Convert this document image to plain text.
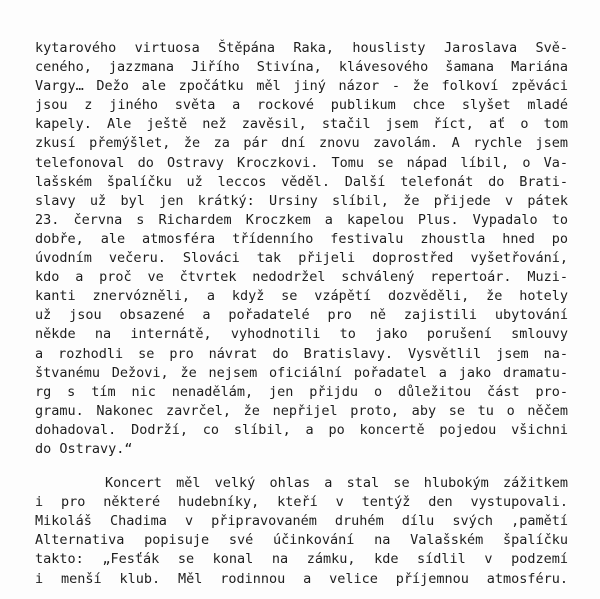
kytarového virtuosa Štěpána Raka, houslisty Jaroslava Svě-
ceného, jazzmana Jiřího Stivína, klávesového šamana Mariána
Vargy… Dežo ale zpočátku měl jiný názor - že folkoví zpěváci
jsou z jiného světa a rockové publikum chce slyšet mladé
kapely. Ale ještě než zavěsil, stačil jsem říct, ať o tom
zkusí přemýšlet, že za pár dní znovu zavolám. A rychle jsem
telefonoval do Ostravy Kroczkovi. Tomu se nápad líbil, o Va-
lašském špalíčku už leccos věděl. Další telefonát do Brati-
slavy už byl jen krátký: Ursiny slíbil, že přijede v pátek
23. června s Richardem Kroczkem a kapelou Plus. Vypadalo to
dobře, ale atmosféra třídenního festivalu zhoustla hned po
úvodním večeru. Slováci tak přijeli doprostřed vyšetřování,
kdo a proč ve čtvrtek nedodržel schválený repertoár. Muzi-
kanti znervózněli, a když se vzápětí dozvěděli, že hotely
už jsou obsazené a pořadatelé pro ně zajistili ubytování
někde na internátě, vyhodnotili to jako porušení smlouvy
a rozhodli se pro návrat do Bratislavy. Vysvětlil jsem na-
štvanému Dežovi, že nejsem oficiální pořadatel a jako dramatu-
rg s tím nic nenadělám, jen přijdu o důležitou část pro-
gramu. Nakonec zavrčel, že nepřijel proto, aby se tu o něčem
dohadoval. Dodrží, co slíbil, a po koncertě pojedou všichni
do Ostravy.“
Koncert měl velký ohlas a stal se hlubokým zážitkem
i pro některé hudebníky, kteří v tentýž den vystupovali.
Mikoláš Chadima v připravovaném druhém dílu svých ‚pamětí
Alternativa popisuje své účinkování na Valašském špalíčku
takto: „Fesťák se konal na zámku, kde sídlil v podzemí
i menší klub. Měl rodinnou a velice příjemnou atmosféru.
